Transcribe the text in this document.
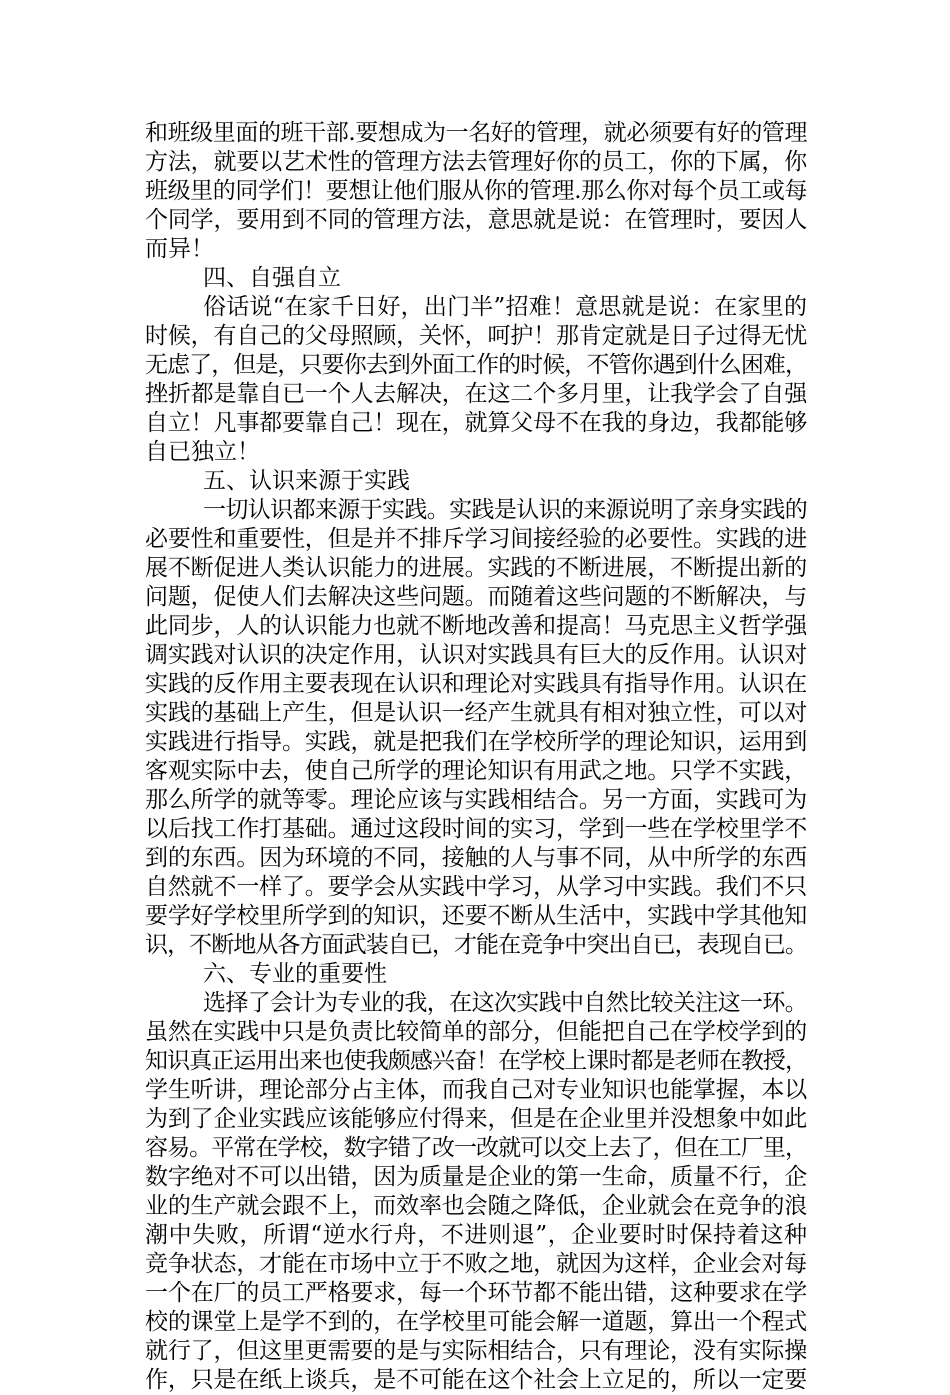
和班级里面的班干部.要想成为一名好的管理，就必须要有好的管理
方法，就要以艺术性的管理方法去管理好你的员工，你的下属，你
班级里的同学们！要想让他们服从你的管理.那么你对每个员工或每
个同学，要用到不同的管理方法，意思就是说：在管理时，要因人
而异！
四、自强自立
俗话说“在家千日好，出门半”招难！意思就是说：在家里的
时候，有自己的父母照顾，关怀，呵护！那肯定就是日子过得无忧
无虑了，但是，只要你去到外面工作的时候，不管你遇到什么困难，
挫折都是靠自已一个人去解决，在这二个多月里，让我学会了自强
自立！凡事都要靠自己！现在，就算父母不在我的身边，我都能够
自已独立！
五、认识来源于实践
一切认识都来源于实践。实践是认识的来源说明了亲身实践的
必要性和重要性，但是并不排斥学习间接经验的必要性。实践的进
展不断促进人类认识能力的进展。实践的不断进展，不断提出新的
问题，促使人们去解决这些问题。而随着这些问题的不断解决，与
此同步，人的认识能力也就不断地改善和提高！马克思主义哲学强
调实践对认识的决定作用，认识对实践具有巨大的反作用。认识对
实践的反作用主要表现在认识和理论对实践具有指导作用。认识在
实践的基础上产生，但是认识一经产生就具有相对独立性，可以对
实践进行指导。实践，就是把我们在学校所学的理论知识，运用到
客观实际中去，使自己所学的理论知识有用武之地。只学不实践，
那么所学的就等零。理论应该与实践相结合。另一方面，实践可为
以后找工作打基础。通过这段时间的实习，学到一些在学校里学不
到的东西。因为环境的不同，接触的人与事不同，从中所学的东西
自然就不一样了。要学会从实践中学习，从学习中实践。我们不只
要学好学校里所学到的知识，还要不断从生活中，实践中学其他知
识，不断地从各方面武装自已，才能在竞争中突出自已，表现自已。
六、专业的重要性
选择了会计为专业的我，在这次实践中自然比较关注这一环。
虽然在实践中只是负责比较简单的部分，但能把自己在学校学到的
知识真正运用出来也使我颇感兴奋！在学校上课时都是老师在教授，
学生听讲，理论部分占主体，而我自己对专业知识也能掌握，本以
为到了企业实践应该能够应付得来，但是在企业里并没想象中如此
容易。平常在学校，数字错了改一改就可以交上去了，但在工厂里，
数字绝对不可以出错，因为质量是企业的第一生命，质量不行，企
业的生产就会跟不上，而效率也会随之降低，企业就会在竞争的浪
潮中失败，所谓“逆水行舟，不进则退”，企业要时时保持着这种
竞争状态，才能在市场中立于不败之地，就因为这样，企业会对每
一个在厂的员工严格要求，每一个环节都不能出错，这种要求在学
校的课堂上是学不到的，在学校里可能会解一道题，算出一个程式
就行了，但这里更需要的是与实际相结合，只有理论，没有实际操
作，只是在纸上谈兵，是不可能在这个社会上立足的，所以一定要
